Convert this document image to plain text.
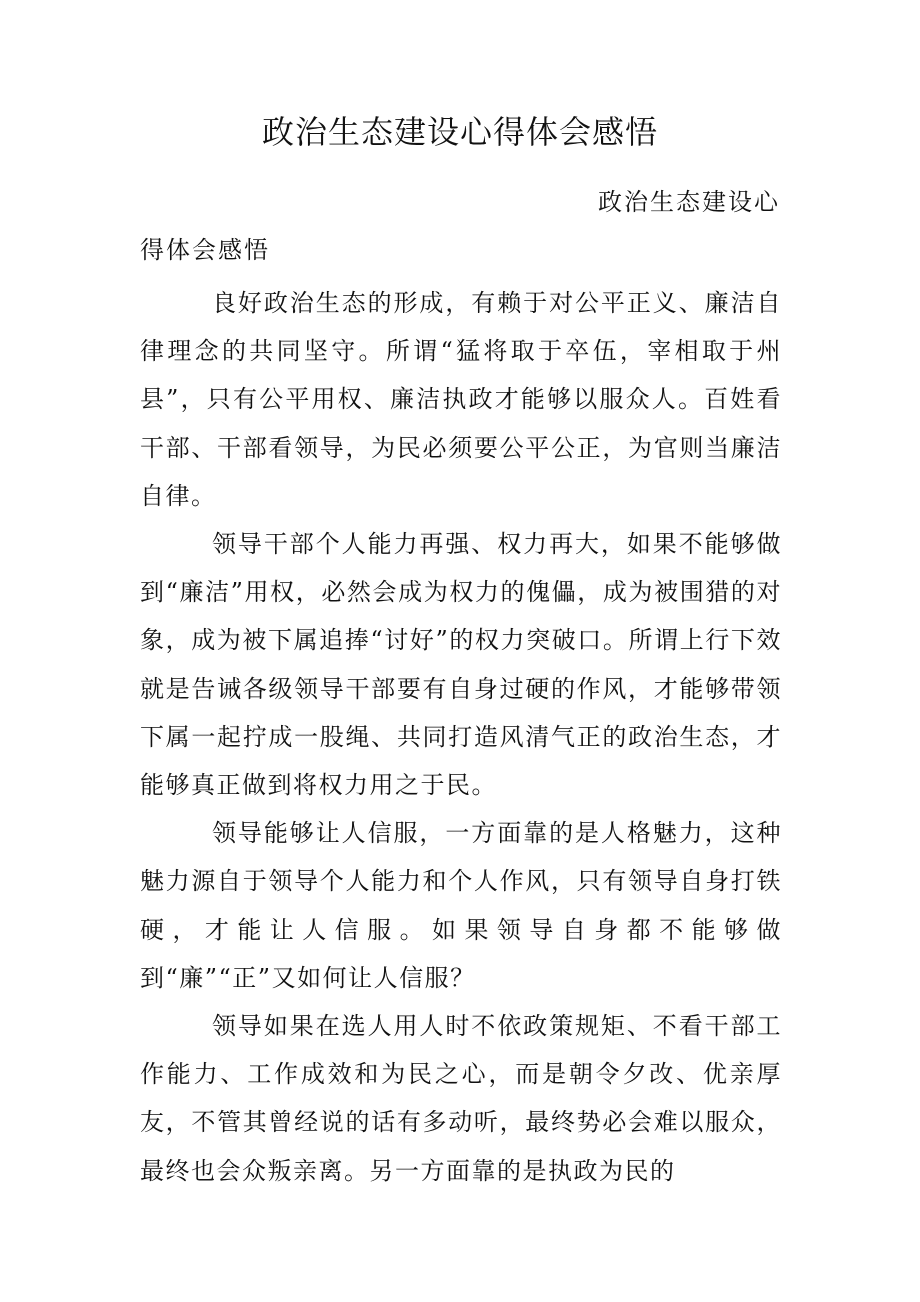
政治生态建设心得体会感悟

政治生态建设心

得体会感悟

良好政治生态的形成，有赖于对公平正义、廉洁自律理念的共同坚守。所谓“猛将取于卒伍，宰相取于州县”，只有公平用权、廉洁执政才能够以服众人。百姓看干部、干部看领导，为民必须要公平公正，为官则当廉洁自律。

领导干部个人能力再强、权力再大，如果不能够做到“廉洁”用权，必然会成为权力的傀儡，成为被围猎的对象，成为被下属追捧“讨好”的权力突破口。所谓上行下效就是告诫各级领导干部要有自身过硬的作风，才能够带领下属一起拧成一股绳、共同打造风清气正的政治生态，才能够真正做到将权力用之于民。

领导能够让人信服，一方面靠的是人格魅力，这种魅力源自于领导个人能力和个人作风，只有领导自身打铁硬，才能让人信服。如果领导自身都不能够做到“廉”“正”又如何让人信服？

领导如果在选人用人时不依政策规矩、不看干部工作能力、工作成效和为民之心，而是朝令夕改、优亲厚友，不管其曾经说的话有多动听，最终势必会难以服众，最终也会众叛亲离。另一方面靠的是执政为民的
